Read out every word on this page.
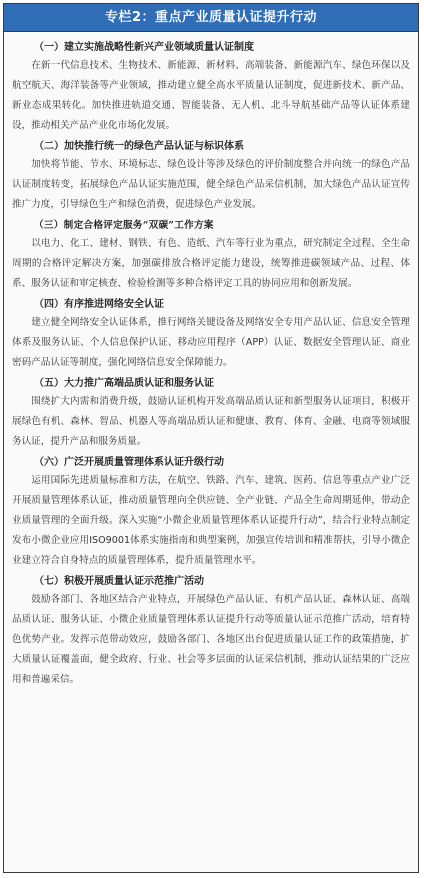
专栏2：重点产业质量认证提升行动
（一）建立实施战略性新兴产业领域质量认证制度

在新一代信息技术、生物技术、新能源、新材料、高端装备、新能源汽车、绿色环保以及航空航天、海洋装备等产业领域，推动建立健全高水平质量认证制度，促进新技术、新产品、新业态成果转化。加快推进轨道交通、智能装备、无人机、北斗导航基础产品等认证体系建设，推动相关产品产业化市场化发展。

（二）加快推行统一的绿色产品认证与标识体系

加快将节能、节水、环境标志、绿色设计等涉及绿色的评价制度整合并向统一的绿色产品认证制度转变，拓展绿色产品认证实施范围，健全绿色产品采信机制，加大绿色产品认证宣传推广力度，引导绿色生产和绿色消费，促进绿色产业发展。

（三）制定合格评定服务“双碳”工作方案

以电力、化工、建材、钢铁、有色、造纸、汽车等行业为重点，研究制定全过程、全生命周期的合格评定解决方案，加强碳排放合格评定能力建设，统筹推进碳领域产品、过程、体系、服务认证和审定核查、检验检测等多种合格评定工具的协同应用和创新发展。

（四）有序推进网络安全认证

建立健全网络安全认证体系，推行网络关键设备及网络安全专用产品认证、信息安全管理体系及服务认证、个人信息保护认证、移动应用程序（APP）认证、数据安全管理认证、商业密码产品认证等制度，强化网络信息安全保障能力。

（五）大力推广高端品质认证和服务认证

围绕扩大内需和消费升级，鼓励认证机构开发高端品质认证和新型服务认证项目，积极开展绿色有机、森林、智品、机器人等高端品质认证和健康、教育、体育、金融、电商等领域服务认证，提升产品和服务质量。

（六）广泛开展质量管理体系认证升级行动

运用国际先进质量标准和方法，在航空、铁路、汽车、建筑、医药、信息等重点产业广泛开展质量管理体系认证，推动质量管理向全供应链、全产业链、产品全生命周期延伸，带动企业质量管理的全面升级。深入实施“小微企业质量管理体系认证提升行动”，结合行业特点制定发布小微企业应用ISO9001体系实施指南和典型案例，加强宣传培训和精准帮扶，引导小微企业建立符合自身特点的质量管理体系，提升质量管理水平。

（七）积极开展质量认证示范推广活动

鼓励各部门、各地区结合产业特点，开展绿色产品认证、有机产品认证、森林认证、高端品质认证、服务认证、小微企业质量管理体系认证提升行动等质量认证示范推广活动，培育特色优势产业。发挥示范带动效应，鼓励各部门、各地区出台促进质量认证工作的政策措施，扩大质量认证覆盖面，健全政府、行业、社会等多层面的认证采信机制，推动认证结果的广泛应用和普遍采信。
